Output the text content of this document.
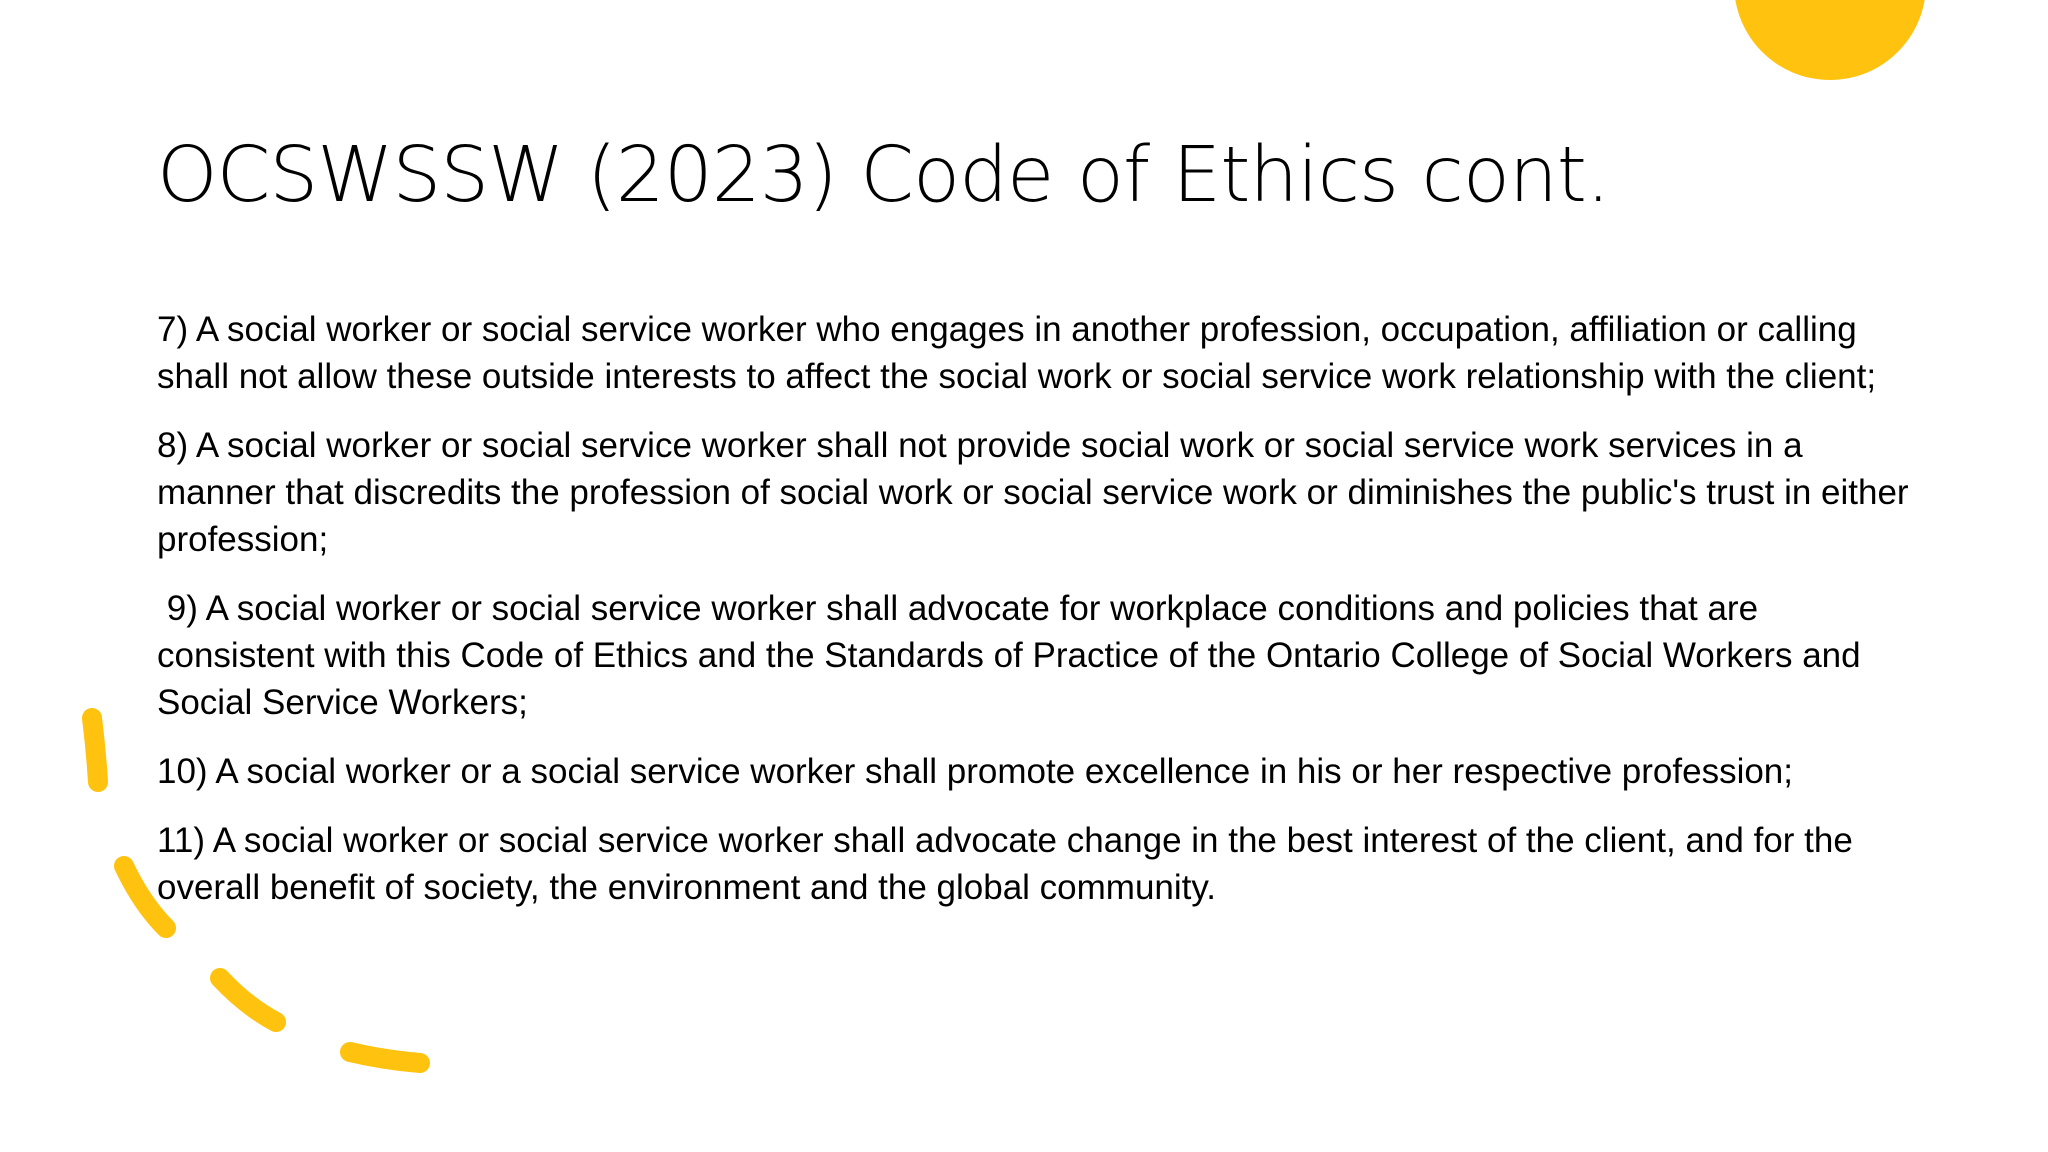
OCSWSSW (2023) Code of Ethics cont.
7) A social worker or social service worker who engages in another profession, occupation, affiliation or calling shall not allow these outside interests to affect the social work or social service work relationship with the client;
8) A social worker or social service worker shall not provide social work or social service work services in a manner that discredits the profession of social work or social service work or diminishes the public's trust in either profession;
9) A social worker or social service worker shall advocate for workplace conditions and policies that are consistent with this Code of Ethics and the Standards of Practice of the Ontario College of Social Workers and Social Service Workers;
10) A social worker or a social service worker shall promote excellence in his or her respective profession;
11) A social worker or social service worker shall advocate change in the best interest of the client, and for the overall benefit of society, the environment and the global community.
